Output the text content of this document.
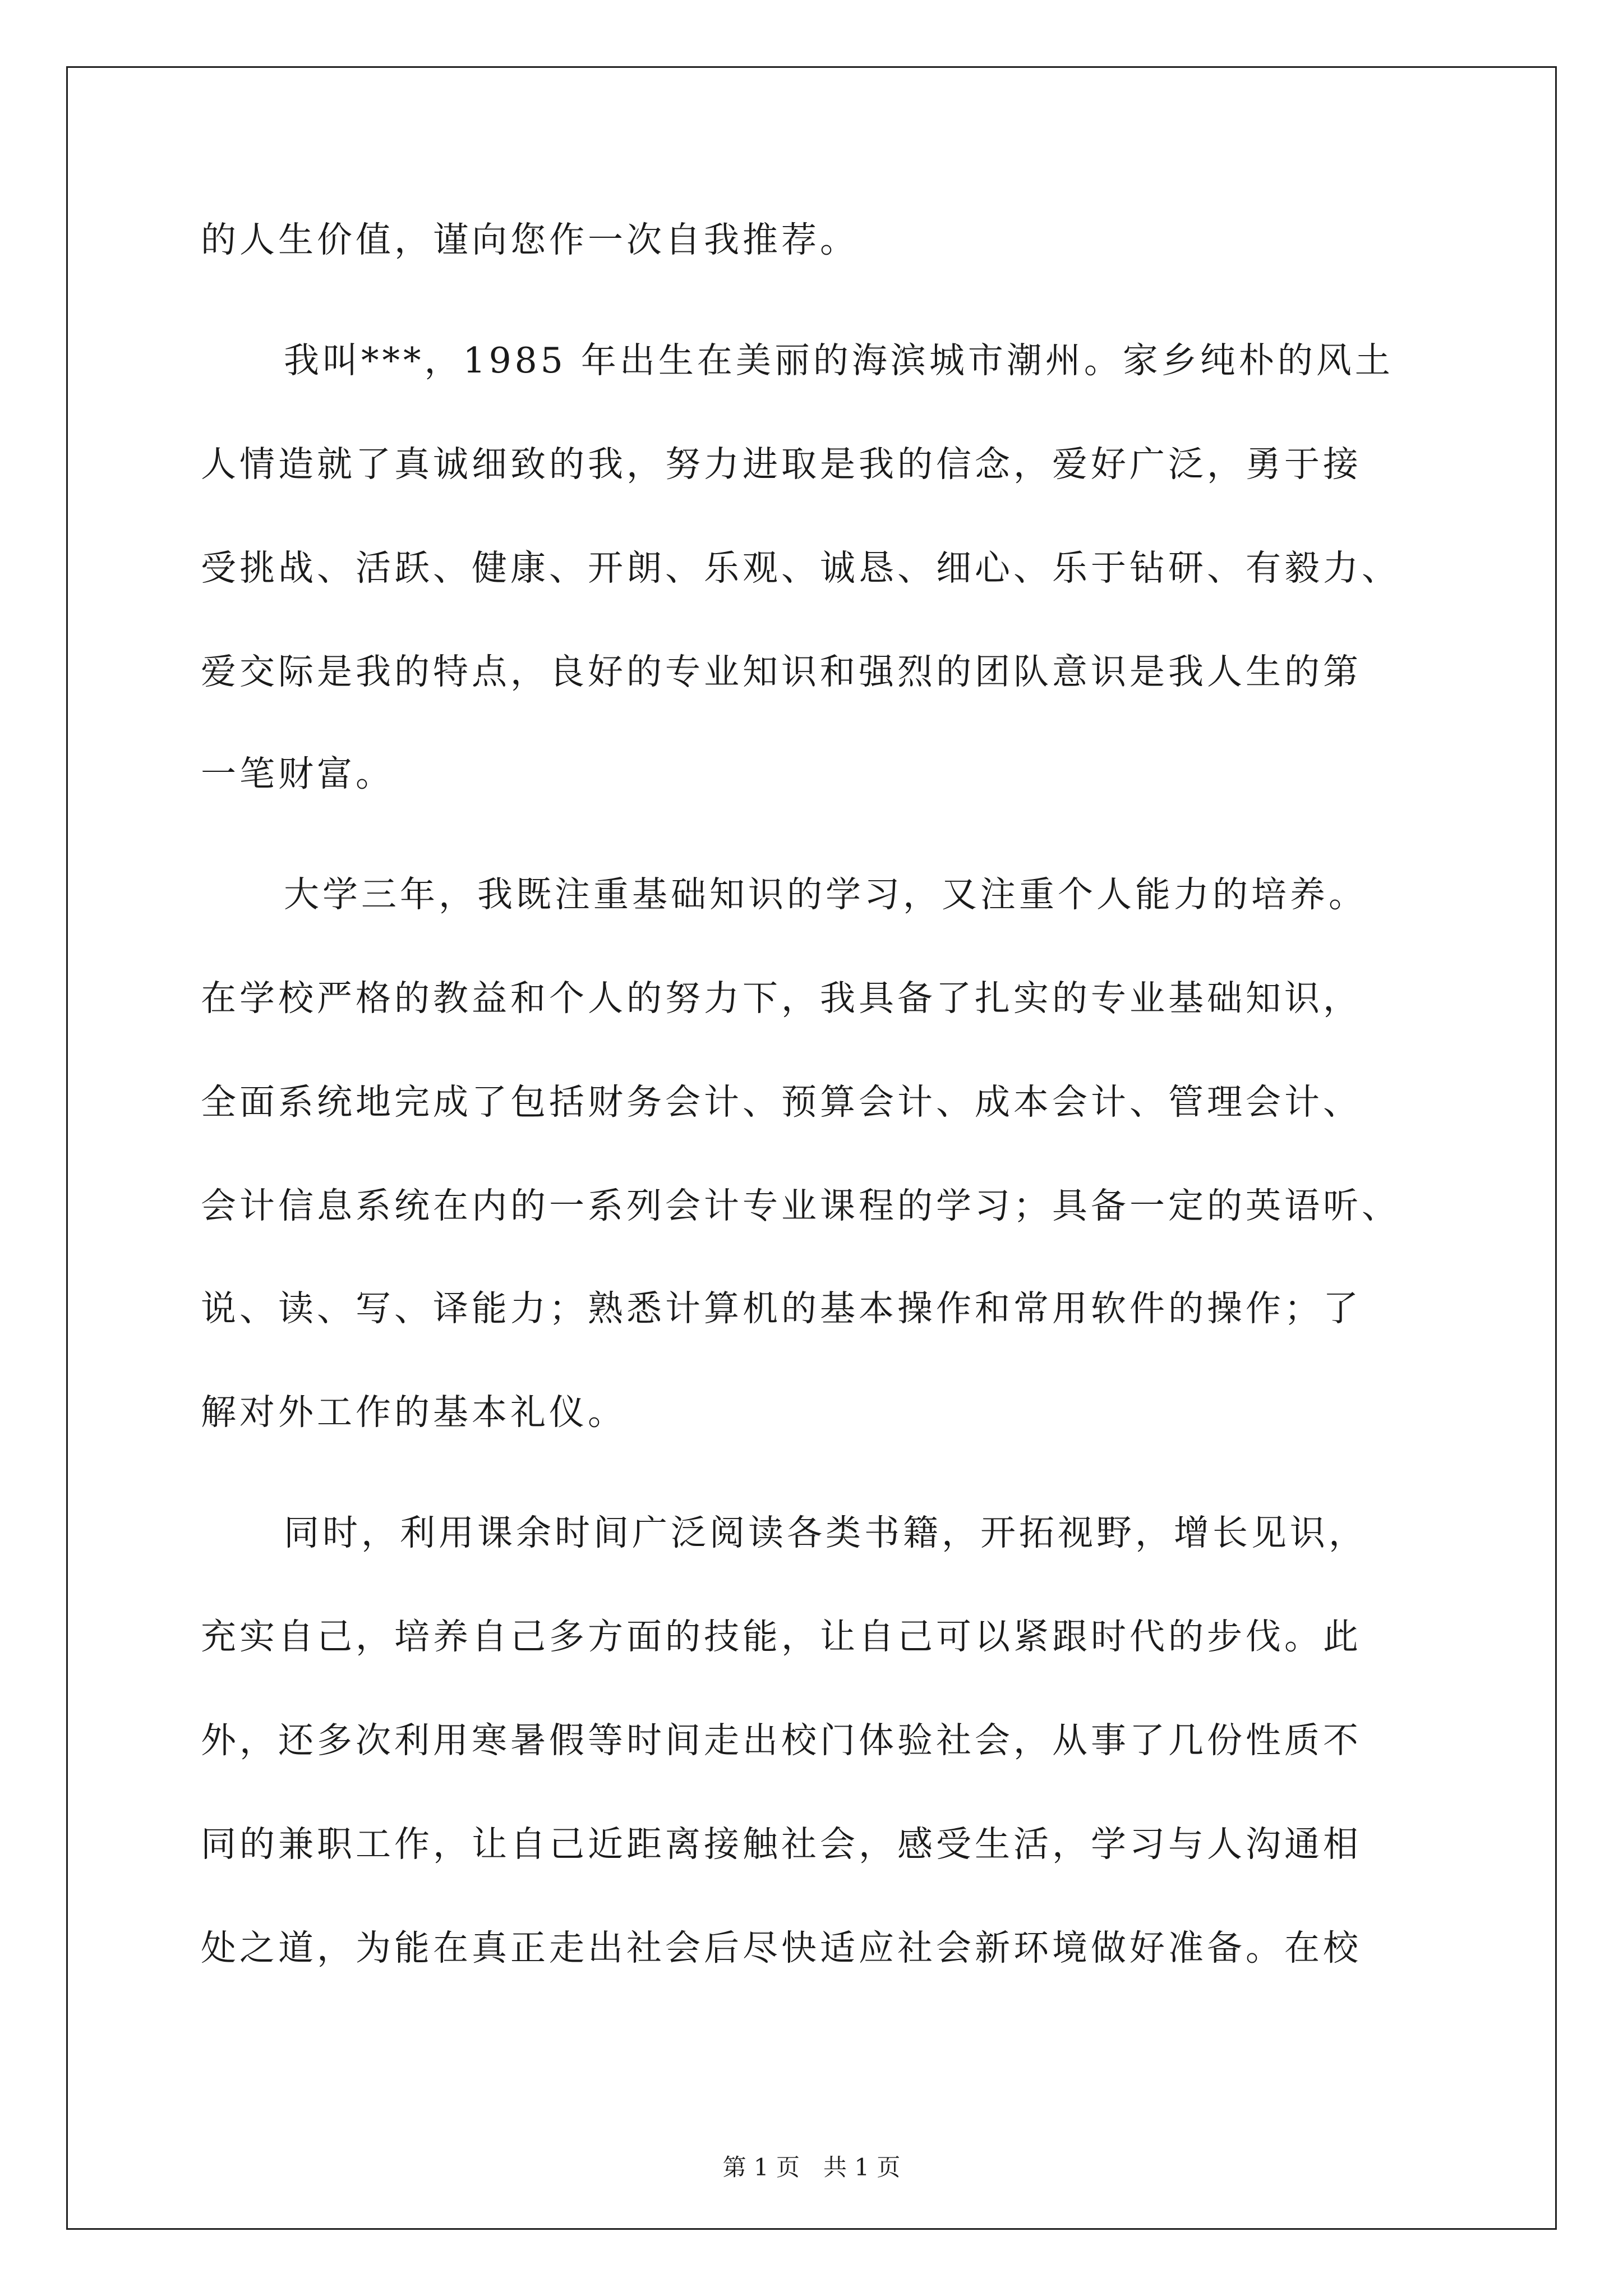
的人生价值，谨向您作一次自我推荐。
我叫***，1985 年出生在美丽的海滨城市潮州。家乡纯朴的风土
人情造就了真诚细致的我，努力进取是我的信念，爱好广泛，勇于接
受挑战、活跃、健康、开朗、乐观、诚恳、细心、乐于钻研、有毅力、
爱交际是我的特点，良好的专业知识和强烈的团队意识是我人生的第
一笔财富。
大学三年，我既注重基础知识的学习，又注重个人能力的培养。
在学校严格的教益和个人的努力下，我具备了扎实的专业基础知识，
全面系统地完成了包括财务会计、预算会计、成本会计、管理会计、
会计信息系统在内的一系列会计专业课程的学习；具备一定的英语听、
说、读、写、译能力；熟悉计算机的基本操作和常用软件的操作；了
解对外工作的基本礼仪。
同时，利用课余时间广泛阅读各类书籍，开拓视野，增长见识，
充实自己，培养自己多方面的技能，让自己可以紧跟时代的步伐。此
外，还多次利用寒暑假等时间走出校门体验社会，从事了几份性质不
同的兼职工作，让自己近距离接触社会，感受生活，学习与人沟通相
处之道，为能在真正走出社会后尽快适应社会新环境做好准备。在校
第 1 页　共 1 页
